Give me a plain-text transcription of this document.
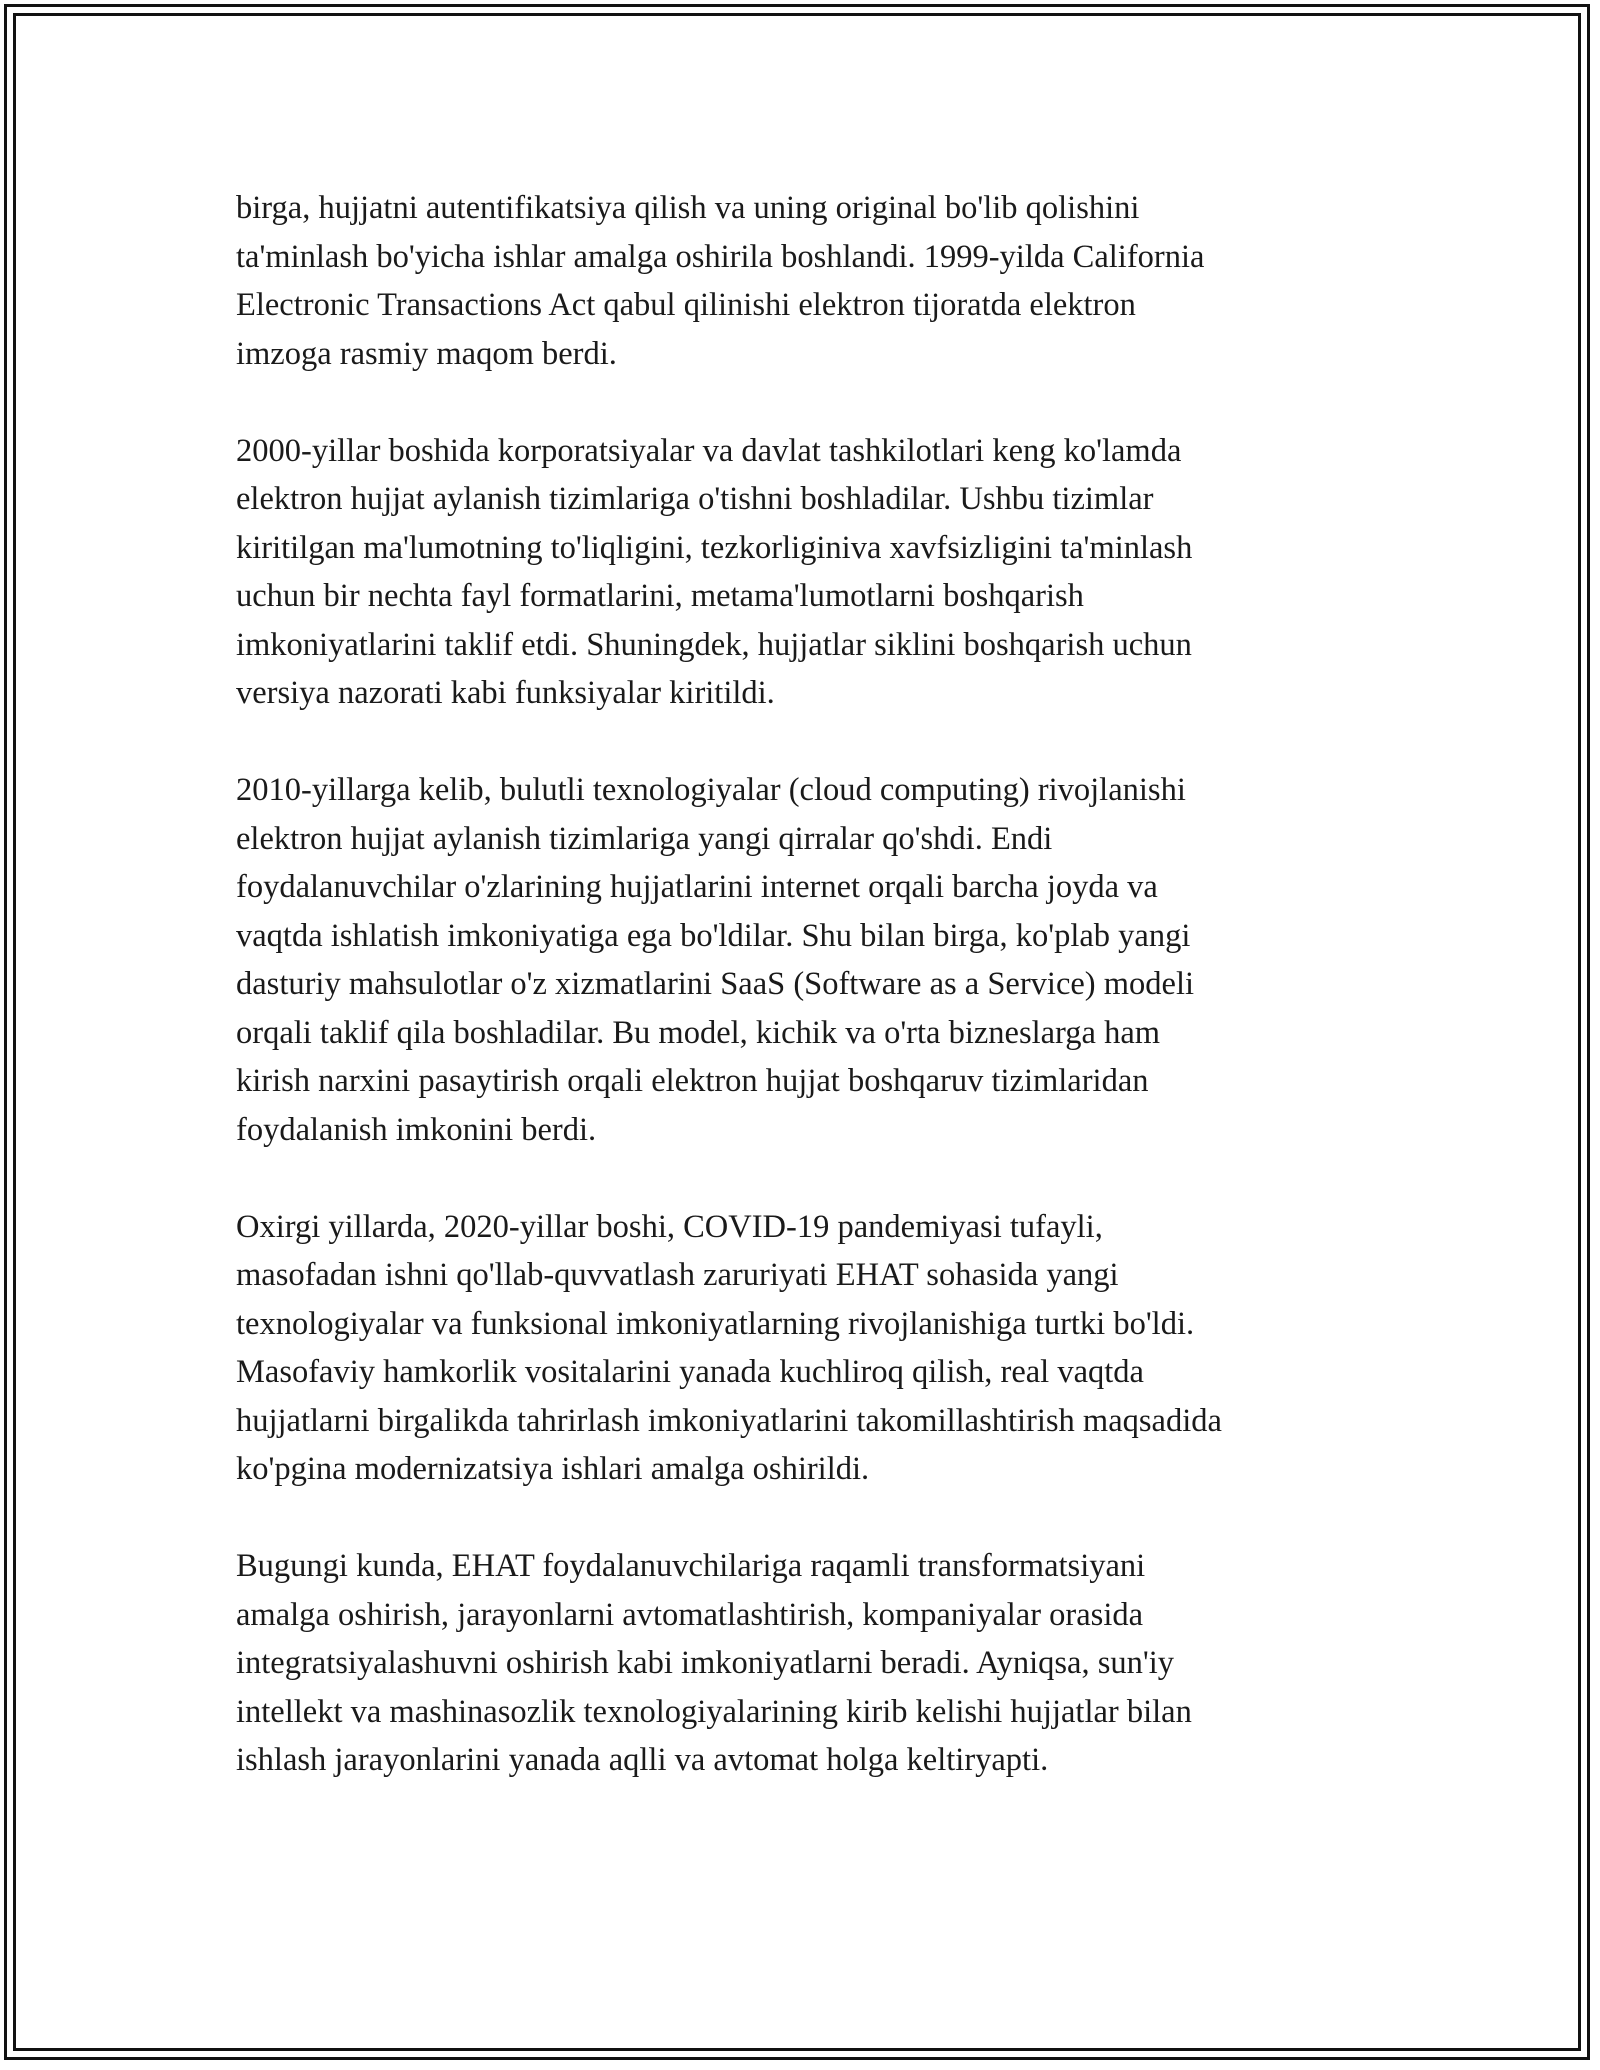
birga, hujjatni autentifikatsiya qilish va uning original bo'lib qolishini
ta'minlash bo'yicha ishlar amalga oshirila boshlandi. 1999-yilda California
Electronic Transactions Act qabul qilinishi elektron tijoratda elektron
imzoga rasmiy maqom berdi.

2000-yillar boshida korporatsiyalar va davlat tashkilotlari keng ko'lamda
elektron hujjat aylanish tizimlariga o'tishni boshladilar. Ushbu tizimlar
kiritilgan ma'lumotning to'liqligini, tezkorliginiva xavfsizligini ta'minlash
uchun bir nechta fayl formatlarini, metama'lumotlarni boshqarish
imkoniyatlarini taklif etdi. Shuningdek, hujjatlar siklini boshqarish uchun
versiya nazorati kabi funksiyalar kiritildi.

2010-yillarga kelib, bulutli texnologiyalar (cloud computing) rivojlanishi
elektron hujjat aylanish tizimlariga yangi qirralar qo'shdi. Endi
foydalanuvchilar o'zlarining hujjatlarini internet orqali barcha joyda va
vaqtda ishlatish imkoniyatiga ega bo'ldilar. Shu bilan birga, ko'plab yangi
dasturiy mahsulotlar o'z xizmatlarini SaaS (Software as a Service) modeli
orqali taklif qila boshladilar. Bu model, kichik va o'rta bizneslarga ham
kirish narxini pasaytirish orqali elektron hujjat boshqaruv tizimlaridan
foydalanish imkonini berdi.

Oxirgi yillarda, 2020-yillar boshi, COVID-19 pandemiyasi tufayli,
masofadan ishni qo'llab-quvvatlash zaruriyati EHAT sohasida yangi
texnologiyalar va funksional imkoniyatlarning rivojlanishiga turtki bo'ldi.
Masofaviy hamkorlik vositalarini yanada kuchliroq qilish, real vaqtda
hujjatlarni birgalikda tahrirlash imkoniyatlarini takomillashtirish maqsadida
ko'pgina modernizatsiya ishlari amalga oshirildi.

Bugungi kunda, EHAT foydalanuvchilariga raqamli transformatsiyani
amalga oshirish, jarayonlarni avtomatlashtirish, kompaniyalar orasida
integratsiyalashuvni oshirish kabi imkoniyatlarni beradi. Ayniqsa, sun'iy
intellekt va mashinasozlik texnologiyalarining kirib kelishi hujjatlar bilan
ishlash jarayonlarini yanada aqlli va avtomat holga keltiryapti.
